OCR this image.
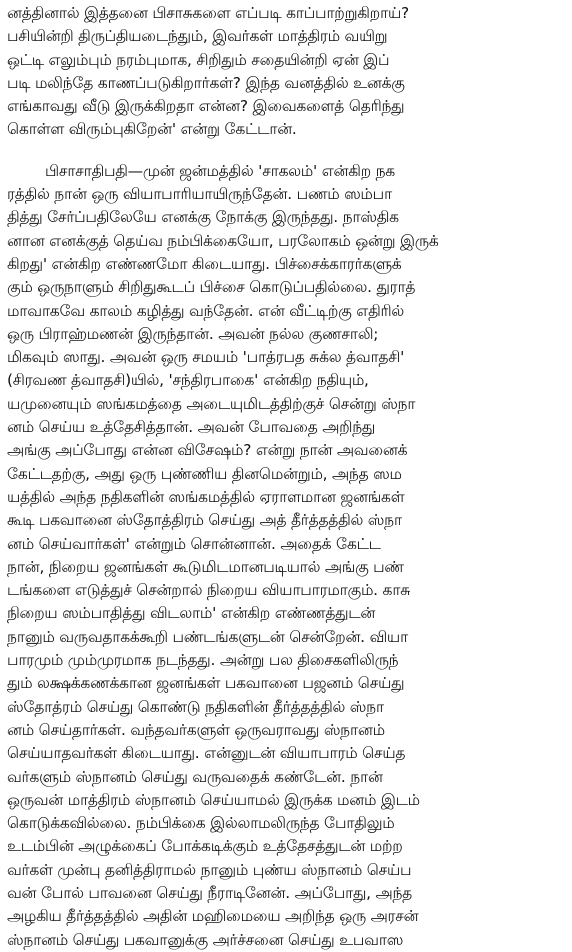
னத்தினால் இத்தனை பிசாசுகளை எப்படி காப்பாற்றுகிறாய்?
பசியின்றி திருப்தியடைந்தும், இவர்கள் மாத்திரம் வயிறு
ஒட்டி எலும்பும் நரம்புமாக, சிறிதும் சதையின்றி ஏன் இப்
படி மலிந்தே காணப்படுகிறார்கள்? இந்த வனத்தில் உனக்கு
எங்காவது வீடு இருக்கிறதா என்ன? இவைகளைத் தெரிந்து
கொள்ள விரும்புகிறேன்' என்று கேட்டான்.
பிசாசாதிபதி—முன் ஜன்மத்தில் 'சாகலம்' என்கிற நக
ரத்தில் நான் ஒரு வியாபாரியாயிருந்தேன். பணம் ஸம்பா
தித்து சேர்ப்பதிலேயே எனக்கு நோக்கு இருந்தது. நாஸ்திக
னான எனக்குத் தெய்வ நம்பிக்கையோ, பரலோகம் ஒன்று இருக்
கிறது' என்கிற எண்ணமோ கிடையாது. பிச்சைக்காரர்களுக்
கும் ஒருநாளும் சிறிதுகூடப் பிச்சை கொடுப்பதில்லை. துராத்
மாவாகவே காலம் கழித்து வந்தேன். என் வீட்டிற்கு எதிரில்
ஒரு பிராஹ்மணன் இருந்தான். அவன் நல்ல குணசாலி;
மிகவும் ஸாது. அவன் ஒரு சமயம் 'பாத்ரபத சுக்ல த்வாதசி'
(சிரவண த்வாதசி)யில், 'சந்திரபாகை' என்கிற நதியும்,
யமுனையும் ஸங்கமத்தை அடையுமிடத்திற்குச் சென்று ஸ்நா
னம் செய்ய உத்தேசித்தான். அவன் போவதை அறிந்து
அங்கு அப்போது என்ன விசேஷம்? என்று நான் அவனைக்
கேட்டதற்கு, அது ஒரு புண்ணிய தினமென்றும், அந்த ஸம
யத்தில் அந்த நதிகளின் ஸங்கமத்தில் ஏராளமான ஜனங்கள்
கூடி பகவானை ஸ்தோத்திரம் செய்து அத் தீர்த்தத்தில் ஸ்நா
னம் செய்வார்கள்' என்றும் சொன்னான். அதைக் கேட்ட
நான், நிறைய ஜனங்கள் கூடுமிடமானபடியால் அங்கு பண்
டங்களை எடுத்துச் சென்றால் நிறைய வியாபாரமாகும். காசு
நிறைய ஸம்பாதித்து விடலாம்' என்கிற எண்ணத்துடன்
நானும் வருவதாகக்கூறி பண்டங்களுடன் சென்றேன். வியா
பாரமும் மும்முரமாக நடந்தது. அன்று பல திசைகளிலிருந்
தும் லக்ஷக்கணக்கான ஜனங்கள் பகவானை பஜனம் செய்து
ஸ்தோத்ரம் செய்து கொண்டு நதிகளின் தீர்த்தத்தில் ஸ்நா
னம் செய்தார்கள். வந்தவர்களுள் ஒருவராவது ஸ்நானம்
செய்யாதவர்கள் கிடையாது. என்னுடன் வியாபாரம் செய்த
வர்களும் ஸ்நானம் செய்து வருவதைக் கண்டேன். நான்
ஒருவன் மாத்திரம் ஸ்நானம் செய்யாமல் இருக்க மனம் இடம்
கொடுக்கவில்லை. நம்பிக்கை இல்லாமலிருந்த போதிலும்
உடம்பின் அழுக்கைப் போக்கடிக்கும் உத்தேசத்துடன் மற்ற
வர்கள் முன்பு தனித்திராமல் நானும் புண்ய ஸ்நானம் செய்ப
வன் போல் பாவனை செய்து நீராடினேன். அப்போது, அந்த
அழகிய தீர்த்தத்தில் அதின் மஹிமையை அறிந்த ஒரு அரசன்
ஸ்நானம் செய்து பகவானுக்கு அர்ச்சனை செய்து உபவாஸ
